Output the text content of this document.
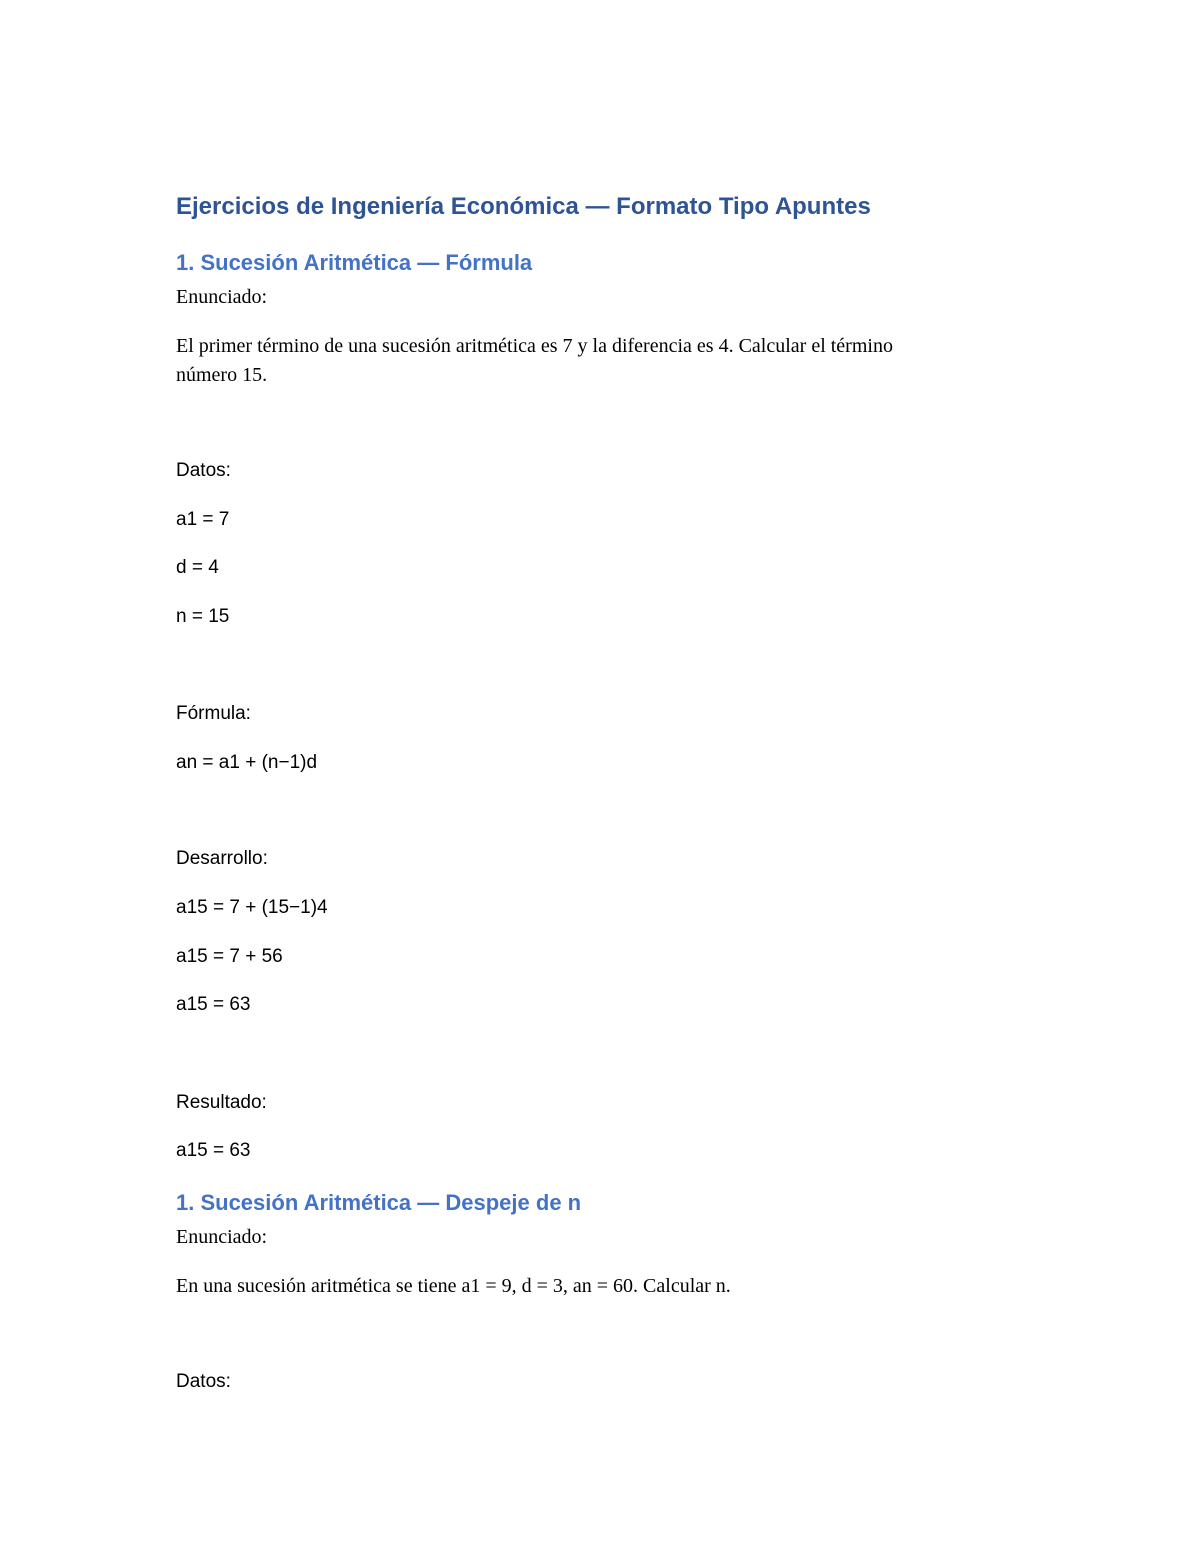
Ejercicios de Ingeniería Económica — Formato Tipo Apuntes
1. Sucesión Aritmética — Fórmula
Enunciado:
El primer término de una sucesión aritmética es 7 y la diferencia es 4. Calcular el término
número 15.
Datos:
a1 = 7
d = 4
n = 15
Fórmula:
an = a1 + (n−1)d
Desarrollo:
a15 = 7 + (15−1)4
a15 = 7 + 56
a15 = 63
Resultado:
a15 = 63
1. Sucesión Aritmética — Despeje de n
Enunciado:
En una sucesión aritmética se tiene a1 = 9, d = 3, an = 60. Calcular n.
Datos:
